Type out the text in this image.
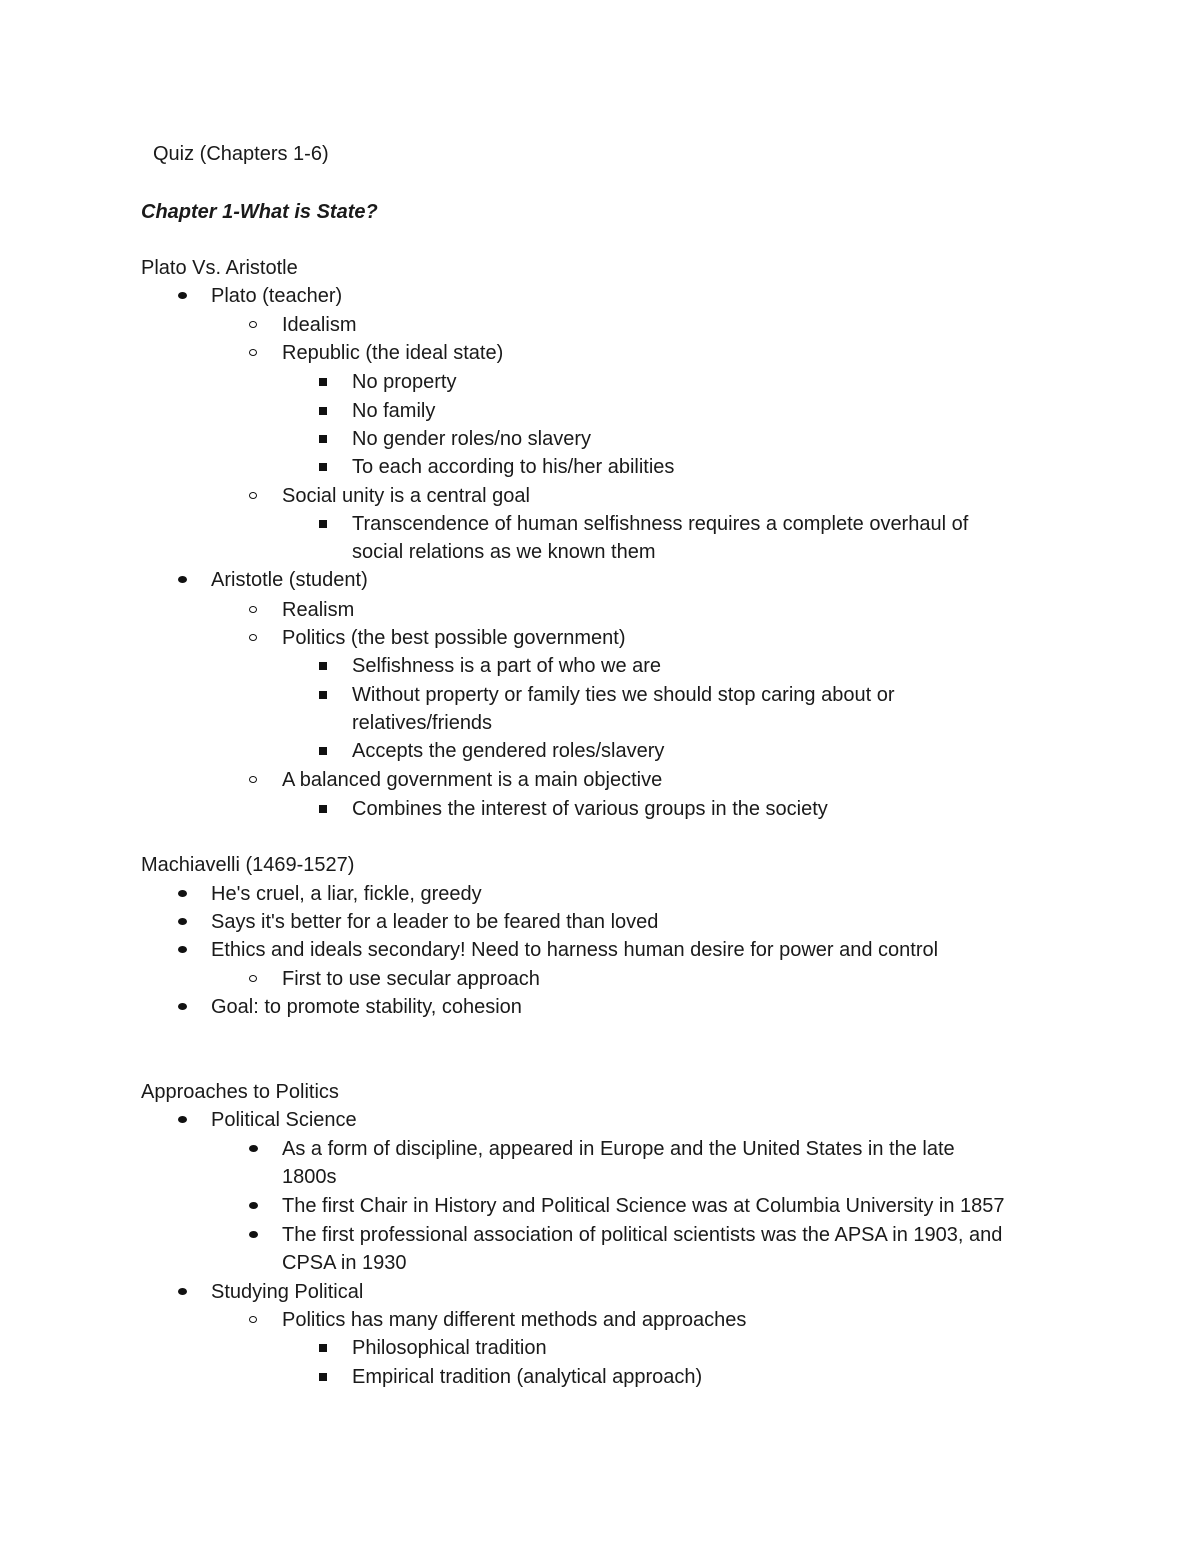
Quiz (Chapters 1-6)
Chapter 1-What is State?
Plato Vs. Aristotle
Plato (teacher)
Idealism
Republic (the ideal state)
No property
No family
No gender roles/no slavery
To each according to his/her abilities
Social unity is a central goal
Transcendence of human selfishness requires a complete overhaul of
social relations as we known them
Aristotle (student)
Realism
Politics (the best possible government)
Selfishness is a part of who we are
Without property or family ties we should stop caring about or
relatives/friends
Accepts the gendered roles/slavery
A balanced government is a main objective
Combines the interest of various groups in the society
Machiavelli (1469-1527)
He's cruel, a liar, fickle, greedy
Says it's better for a leader to be feared than loved
Ethics and ideals secondary! Need to harness human desire for power and control
First to use secular approach
Goal: to promote stability, cohesion
Approaches to Politics
Political Science
As a form of discipline, appeared in Europe and the United States in the late
1800s
The first Chair in History and Political Science was at Columbia University in 1857
The first professional association of political scientists was the APSA in 1903, and
CPSA in 1930
Studying Political
Politics has many different methods and approaches
Philosophical tradition
Empirical tradition (analytical approach)
